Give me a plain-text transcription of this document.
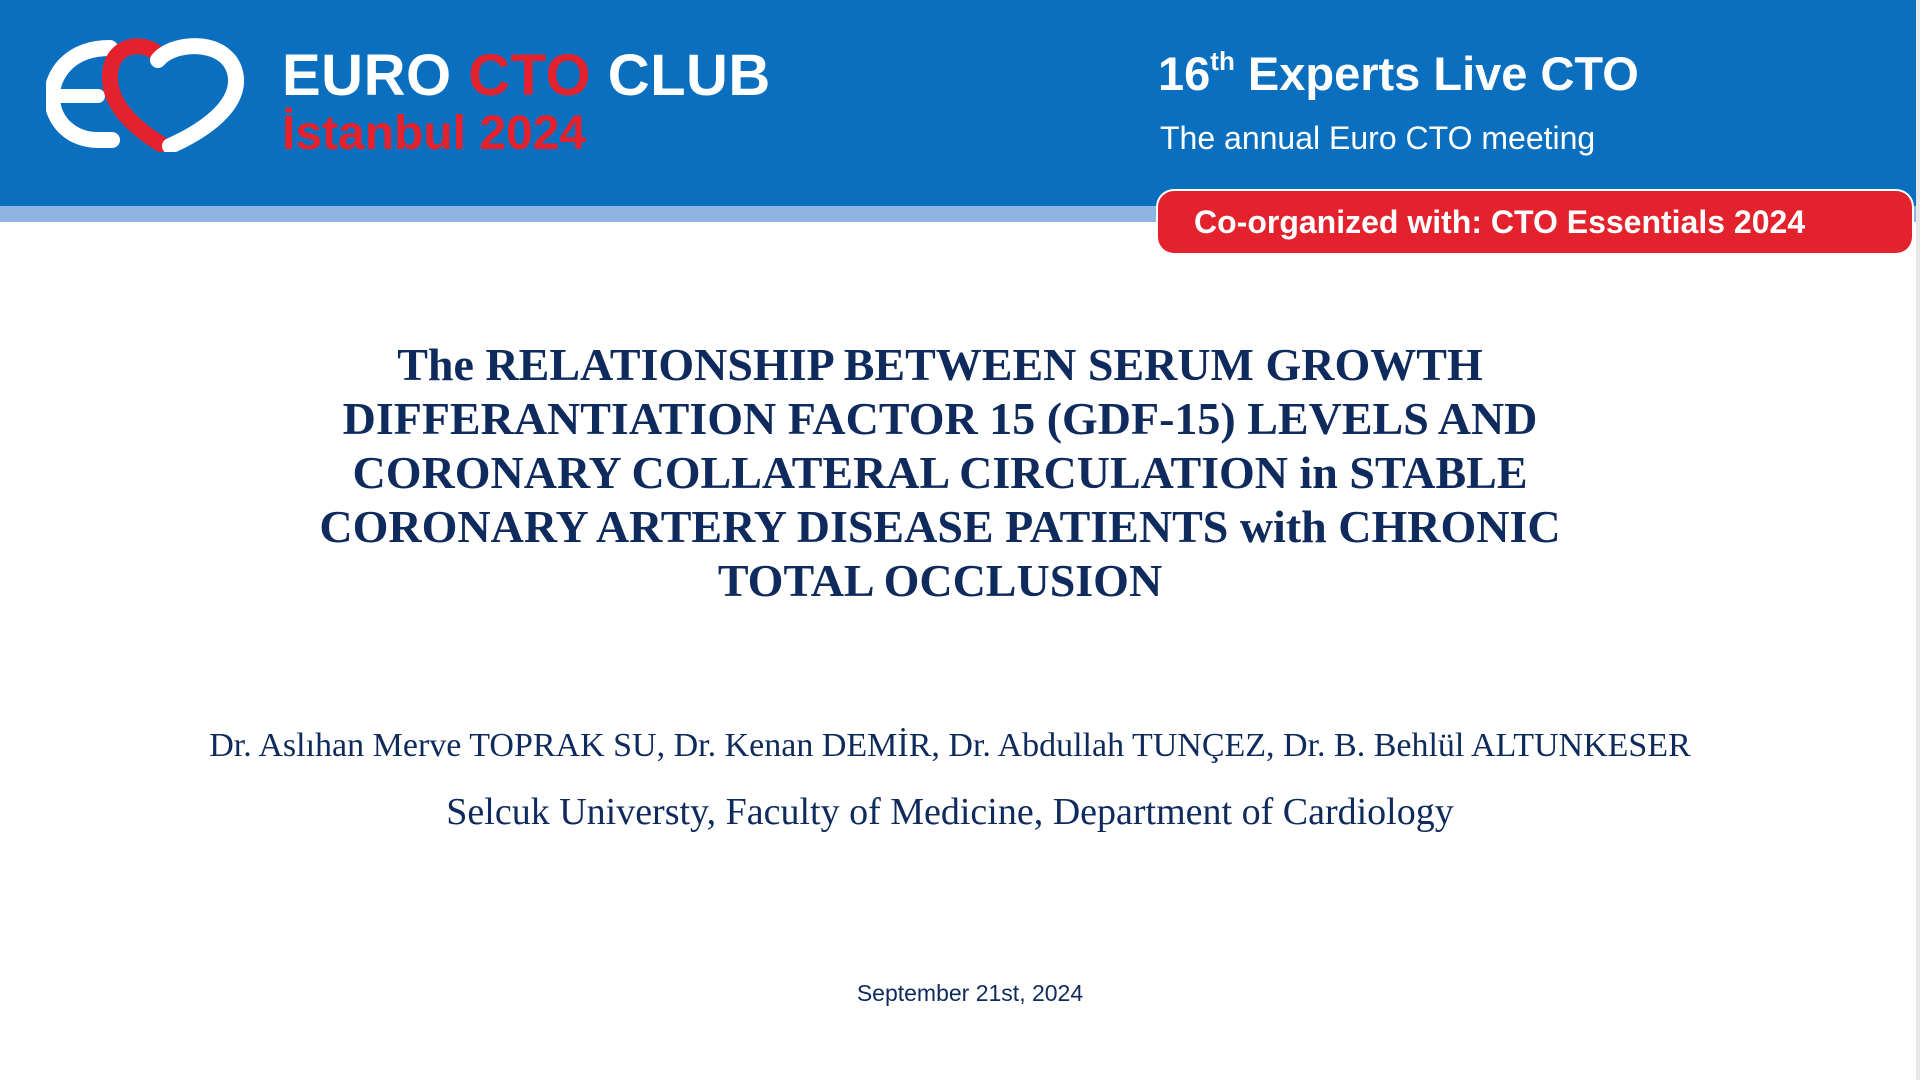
EURO CTO CLUB
İstanbul 2024
16th Experts Live CTO
The annual Euro CTO meeting
Co-organized with: CTO Essentials 2024
The RELATIONSHIP BETWEEN SERUM GROWTH
DIFFERANTIATION FACTOR 15 (GDF-15) LEVELS AND
CORONARY COLLATERAL CIRCULATION in STABLE
CORONARY ARTERY DISEASE PATIENTS with CHRONIC
TOTAL OCCLUSION
Dr. Aslıhan Merve TOPRAK SU, Dr. Kenan DEMİR, Dr. Abdullah TUNÇEZ, Dr. B. Behlül ALTUNKESER
Selcuk Universty, Faculty of Medicine, Department of Cardiology
September 21st, 2024
